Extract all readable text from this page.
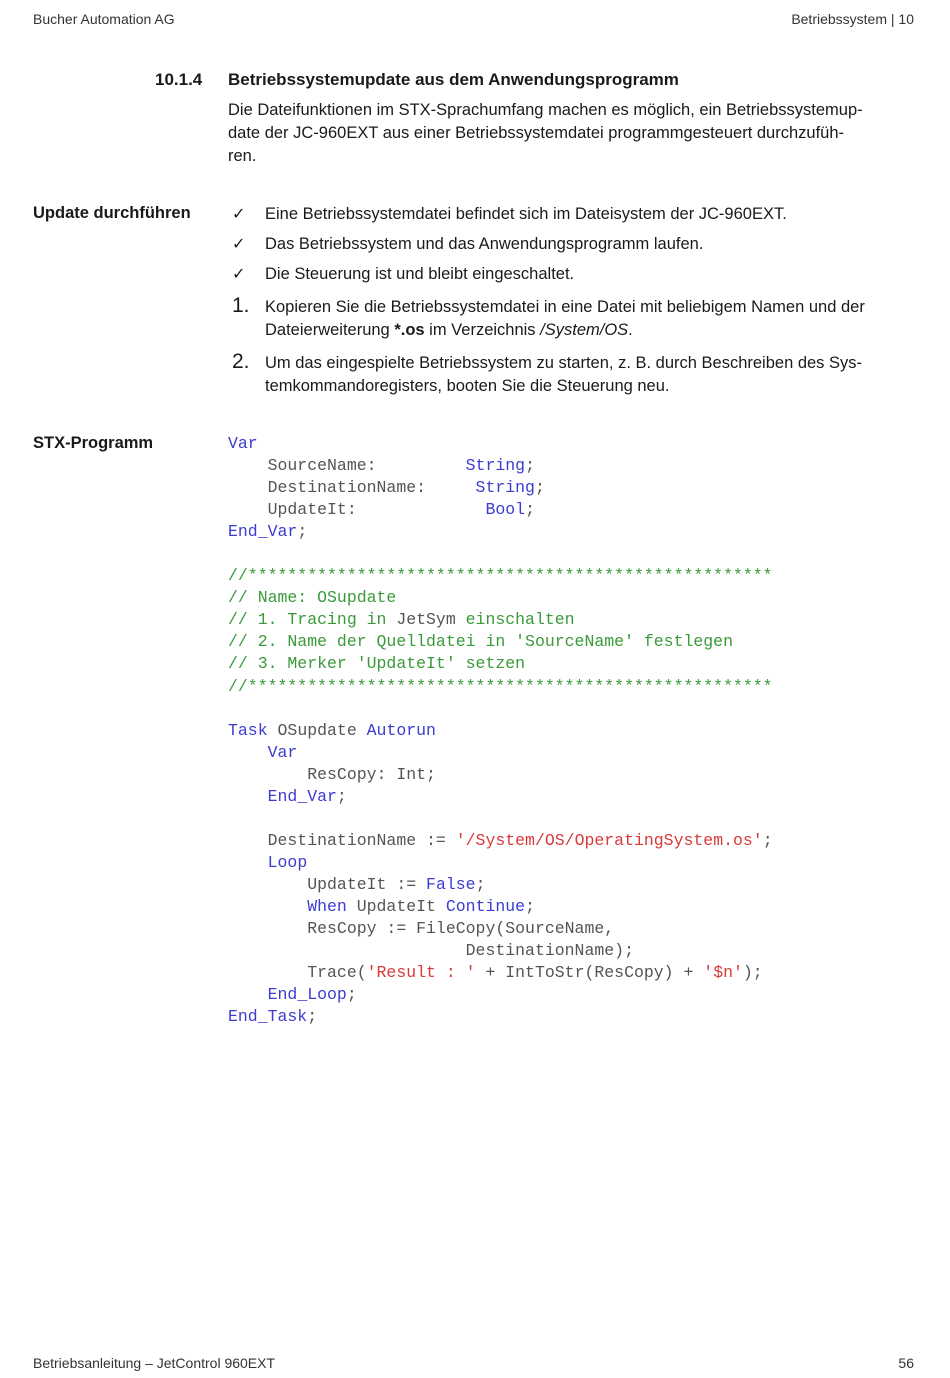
Bucher Automation AG	Betriebssystem | 10
10.1.4 Betriebssystemupdate aus dem Anwendungsprogramm
Die Dateifunktionen im STX-Sprachumfang machen es möglich, ein Betriebssystemup-
date der JC-960EXT aus einer Betriebssystemdatei programmgesteuert durchzufüh-
ren.
Update durchführen	✓	Eine Betriebssystemdatei befindet sich im Dateisystem der JC-960EXT.
✓	Das Betriebssystem und das Anwendungsprogramm laufen.
✓	Die Steuerung ist und bleibt eingeschaltet.
1. Kopieren Sie die Betriebssystemdatei in eine Datei mit beliebigem Namen und der Dateierweiterung *.os im Verzeichnis /System/OS.
2. Um das eingespielte Betriebssystem zu starten, z. B. durch Beschreiben des Sys-
temkommandoregisters, booten Sie die Steuerung neu.
STX-Programm	Var
SourceName:         String;
DestinationName:     String;
UpdateIt:             Bool;
End_Var;

//*****************************************************
// Name: OSupdate
// 1. Tracing in JetSym einschalten
// 2. Name der Quelldatei in 'SourceName' festlegen
// 3. Merker 'UpdateIt' setzen
//*****************************************************

Task OSupdate Autorun
Var
ResCopy: Int;
End_Var;

DestinationName := '/System/OS/OperatingSystem.os';
Loop
UpdateIt := False;
When UpdateIt Continue;
ResCopy := FileCopy(SourceName,
DestinationName);
Trace('Result : ' + IntToStr(ResCopy) + '$n');
End_Loop;
End_Task;

Betriebsanleitung – JetControl 960EXT	56
